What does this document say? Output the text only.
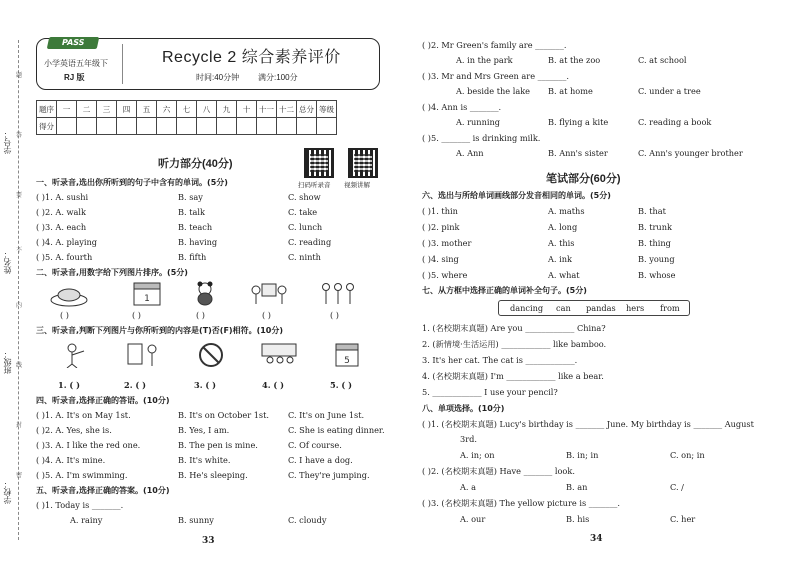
学号：
姓名：
班级：
学校：
题
答
要
不
内
线
封
密
PASS
小学英语五年级下
RJ 版
Recycle 2 综合素养评价
时间:40分钟 满分:100分
题序	一	二	三	四	五	六	七	八	九	十	十一	十二	总分	等级
得分														
听力部分(40分)
扫码听录音 视频讲解
一、听录音,选出你所听到的句子中含有的单词。(5分)
( )1. A. sushi	B. say	C. show
( )2. A. walk	B. talk	C. take
( )3. A. each	B. teach	C. lunch
( )4. A. playing	B. having	C. reading
( )5. A. fourth	B. fifth	C. ninth
二、听录音,用数字给下列图片排序。(5分)
1
( )	( )	( )	( )	( )
三、听录音,判断下列图片与你所听到的内容是(T)否(F)相符。(10分)
5
1. ( )	2. ( )	3. ( )	4. ( )	5. ( )
四、听录音,选择正确的答语。(10分)
( )1. A. It's on May 1st.	B. It's on October 1st. C. It's on June 1st.
( )2. A. Yes, she is.	B. Yes, I am.	C. She is eating dinner.
( )3. A. I like the red one.	B. The pen is mine.	C. Of course.
( )4. A. It's mine.	B. It's white.	C. I have a dog.
( )5. A. I'm swimming.	B. He's sleeping.	C. They're jumping.
五、听录音,选择正确的答案。(10分)
( )1. Today is _______.
A. rainy	B. sunny	C. cloudy
33
( )2. Mr Green's family are _______.
A. in the park	B. at the zoo	C. at school
( )3. Mr and Mrs Green are _______.
A. beside the lake B. at home	C. under a tree
( )4. Ann is _______.
A. running	B. flying a kite	C. reading a book
( )5. _______ is drinking milk.
A. Ann	B. Ann's sister	C. Ann's younger brother
笔试部分(60分)
六、选出与所给单词画线部分发音相同的单词。(5分)
( )1. thin	A. maths	B. that
( )2. pink	A. long	B. trunk
( )3. mother	A. this	B. thing
( )4. sing	A. ink	B. young
( )5. where	A. what	B. whose
七、从方框中选择正确的单词补全句子。(5分)
dancing can pandas hers from
1. (名校期末真题) Are you ____________ China?
2. (新情境·生活运用) ____________ like bamboo.
3. It's her cat. The cat is ____________.
4. (名校期末真题) I'm ____________ like a bear.
5. ____________ I use your pencil?
八、单项选择。(10分)
( )1. (名校期末真题) Lucy's birthday is _______ June. My birthday is _______ August
3rd.
A. in; on	B. in; in	C. on; in
( )2. (名校期末真题) Have _______ look.
A. a	B. an	C. /
( )3. (名校期末真题) The yellow picture is _______.
A. our	B. his	C. her
34
